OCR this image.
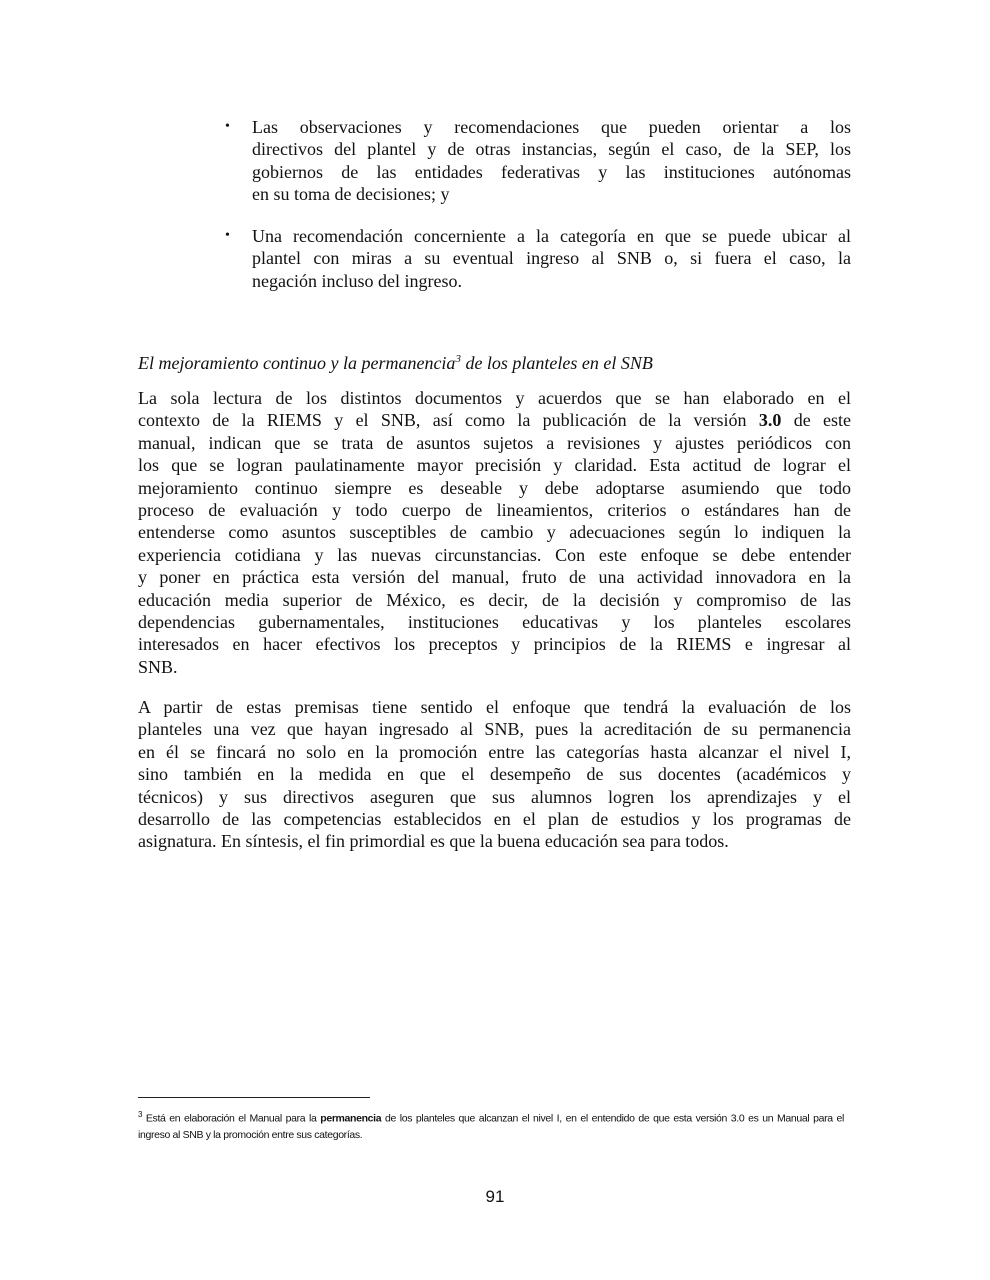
• Las observaciones y recomendaciones que pueden orientar a los
directivos del plantel y de otras instancias, según el caso, de la SEP, los
gobiernos de las entidades federativas y las instituciones autónomas
en su toma de decisiones; y
• Una recomendación concerniente a la categoría en que se puede ubicar al
plantel con miras a su eventual ingreso al SNB o, si fuera el caso, la
negación incluso del ingreso.
El mejoramiento continuo y la permanencia$^3$ de los planteles en el SNB
La sola lectura de los distintos documentos y acuerdos que se han elaborado en el
contexto de la RIEMS y el SNB, así como la publicación de la versión 3.0 de este
manual, indican que se trata de asuntos sujetos a revisiones y ajustes periódicos con
los que se logran paulatinamente mayor precisión y claridad. Esta actitud de lograr el
mejoramiento continuo siempre es deseable y debe adoptarse asumiendo que todo
proceso de evaluación y todo cuerpo de lineamientos, criterios o estándares han de
entenderse como asuntos susceptibles de cambio y adecuaciones según lo indiquen la
experiencia cotidiana y las nuevas circunstancias. Con este enfoque se debe entender
y poner en práctica esta versión del manual, fruto de una actividad innovadora en la
educación media superior de México, es decir, de la decisión y compromiso de las
dependencias gubernamentales, instituciones educativas y los planteles escolares
interesados en hacer efectivos los preceptos y principios de la RIEMS e ingresar al
SNB.
A partir de estas premisas tiene sentido el enfoque que tendrá la evaluación de los
planteles una vez que hayan ingresado al SNB, pues la acreditación de su permanencia
en él se fincará no solo en la promoción entre las categorías hasta alcanzar el nivel I,
sino también en la medida en que el desempeño de sus docentes (académicos y
técnicos) y sus directivos aseguren que sus alumnos logren los aprendizajes y el
desarrollo de las competencias establecidos en el plan de estudios y los programas de
asignatura. En síntesis, el fin primordial es que la buena educación sea para todos.
$^3$ Está en elaboración el Manual para la permanencia de los planteles que alcanzan el nivel I, en el entendido de que esta versión 3.0 es un Manual para el
ingreso al SNB y la promoción entre sus categorías.
91
